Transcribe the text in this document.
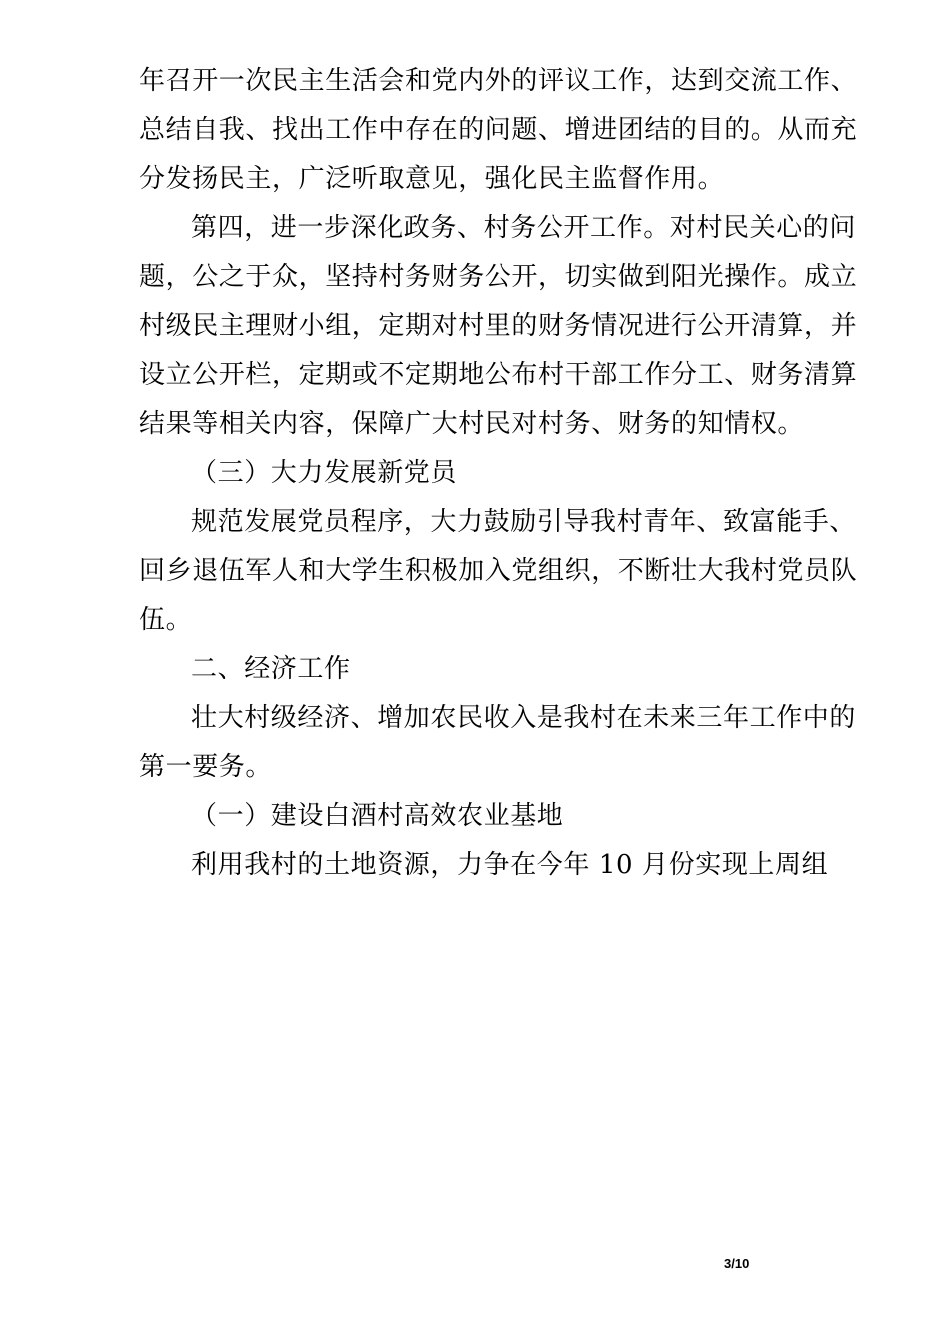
年召开一次民主生活会和党内外的评议工作，达到交流工作、
总结自我、找出工作中存在的问题、增进团结的目的。从而充
分发扬民主，广泛听取意见，强化民主监督作用。
第四，进一步深化政务、村务公开工作。对村民关心的问
题，公之于众，坚持村务财务公开，切实做到阳光操作。成立
村级民主理财小组，定期对村里的财务情况进行公开清算，并
设立公开栏，定期或不定期地公布村干部工作分工、财务清算
结果等相关内容，保障广大村民对村务、财务的知情权。
（三）大力发展新党员
规范发展党员程序，大力鼓励引导我村青年、致富能手、
回乡退伍军人和大学生积极加入党组织，不断壮大我村党员队
伍。
二、经济工作
壮大村级经济、增加农民收入是我村在未来三年工作中的
第一要务。
（一）建设白酒村高效农业基地
利用我村的土地资源，力争在今年 10 月份实现上周组
3/10
